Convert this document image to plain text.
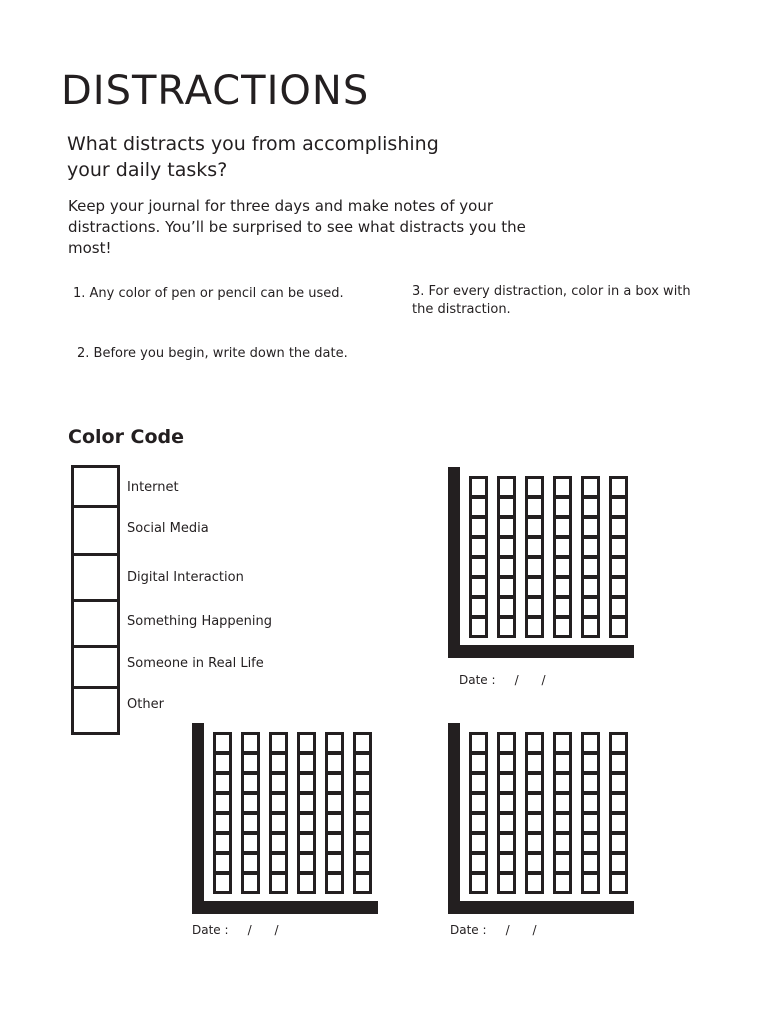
DISTRACTIONS

What distracts you from accomplishing your daily tasks?

Keep your journal for three days and make notes of your distractions. You’ll be surprised to see what distracts you the most!

1. Any color of pen or pencil can be used.

2. Before you begin, write down the date.

3. For every distraction, color in a box with the distraction.

Color Code
Internet
Social Media
Digital Interaction
Something Happening
Someone in Real Life
Other
Date :     /      /
Date :     /      /	Date :     /      /
